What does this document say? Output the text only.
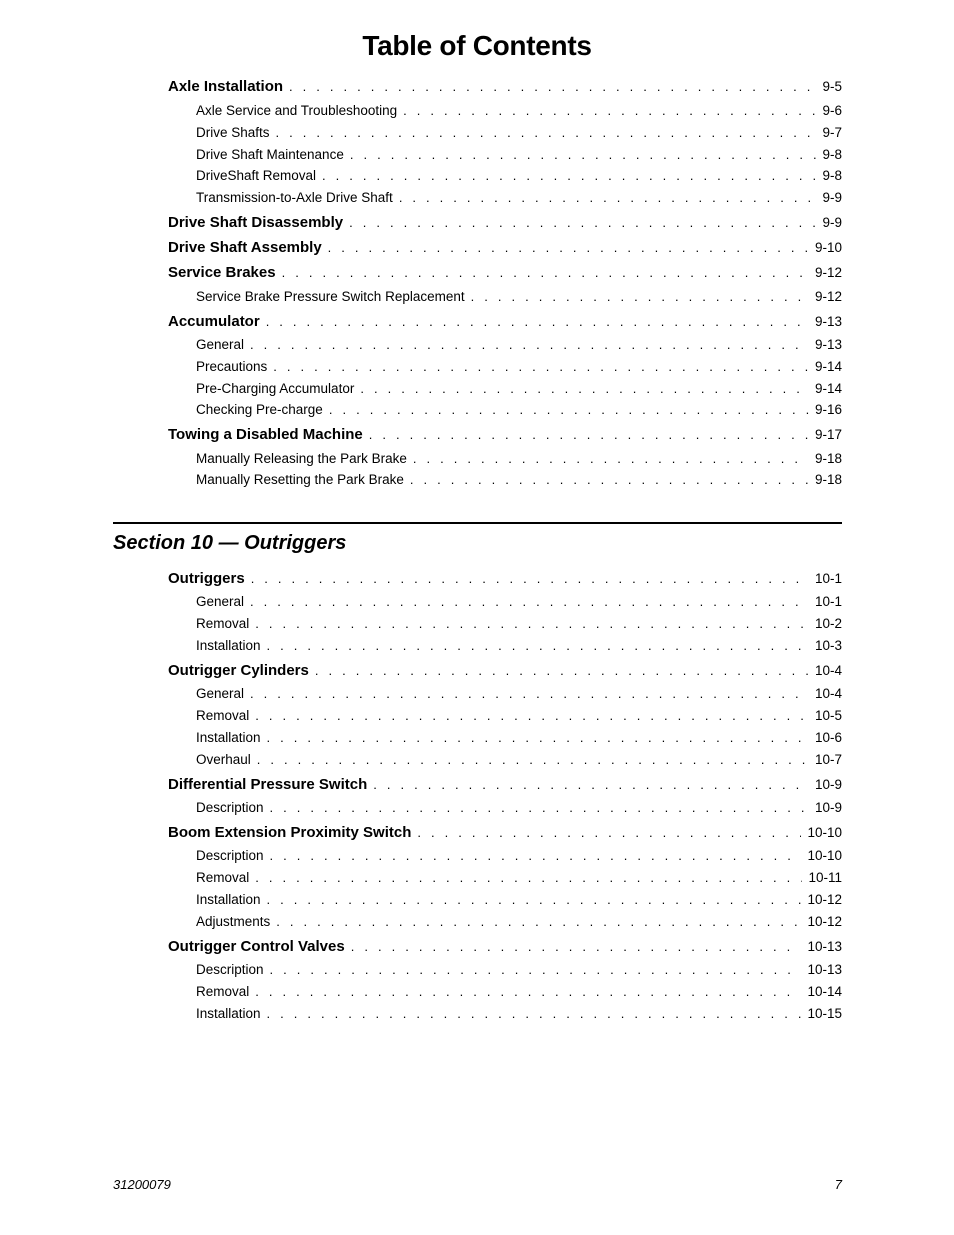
Table of Contents
Axle Installation . . .	9-5
Axle Service and Troubleshooting . . .	9-6
Drive Shafts . . .	9-7
Drive Shaft Maintenance . . .	9-8
DriveShaft Removal . . .	9-8
Transmission-to-Axle Drive Shaft . . .	9-9
Drive Shaft Disassembly . . .	9-9
Drive Shaft Assembly . . .	9-10
Service Brakes . . .	9-12
Service Brake Pressure Switch Replacement . . .	9-12
Accumulator . . .	9-13
General . . .	9-13
Precautions . . .	9-14
Pre-Charging Accumulator . . .	9-14
Checking Pre-charge . . .	9-16
Towing a Disabled Machine . . .	9-17
Manually Releasing the Park Brake . . .	9-18
Manually Resetting the Park Brake . . .	9-18
Section 10 — Outriggers
Outriggers . . .	10-1
General . . .	10-1
Removal . . .	10-2
Installation . . .	10-3
Outrigger Cylinders . . .	10-4
General . . .	10-4
Removal . . .	10-5
Installation . . .	10-6
Overhaul . . .	10-7
Differential Pressure Switch . . .	10-9
Description . . .	10-9
Boom Extension Proximity Switch . . .	10-10
Description . . .	10-10
Removal . . .	10-11
Installation . . .	10-12
Adjustments . . .	10-12
Outrigger Control Valves . . .	10-13
Description . . .	10-13
Removal . . .	10-14
Installation . . .	10-15
31200079	7
